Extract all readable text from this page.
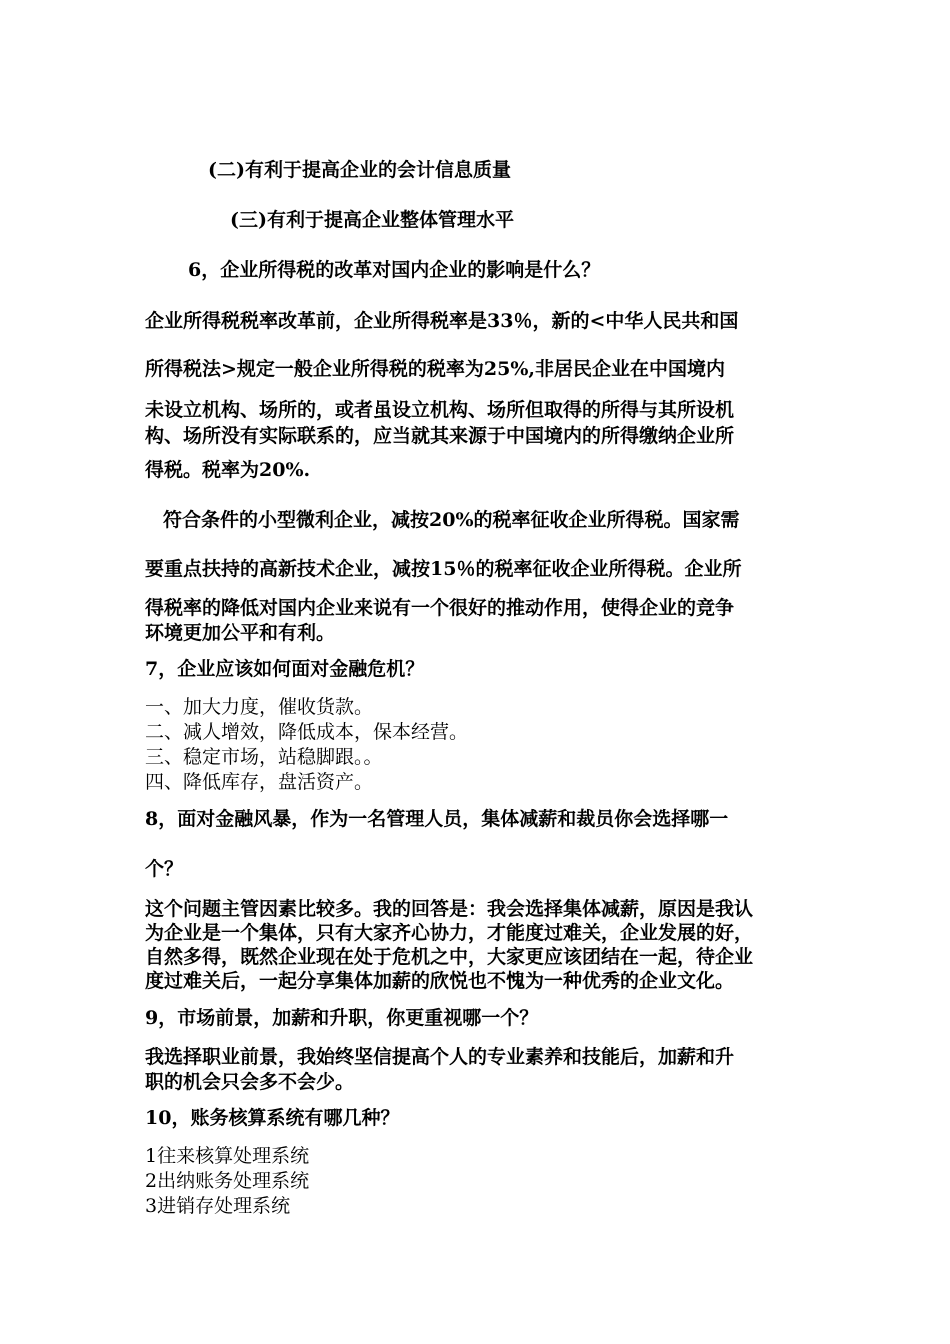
(二)有利于提高企业的会计信息质量
(三)有利于提高企业整体管理水平
6，企业所得税的改革对国内企业的影响是什么？
企业所得税税率改革前，企业所得税率是33％，新的<中华人民共和国
所得税法>规定一般企业所得税的税率为25%,非居民企业在中国境内
未设立机构、场所的，或者虽设立机构、场所但取得的所得与其所设机
构、场所没有实际联系的，应当就其来源于中国境内的所得缴纳企业所
得税。税率为20%.
符合条件的小型微利企业，减按20%的税率征收企业所得税。国家需
要重点扶持的高新技术企业，减按15％的税率征收企业所得税。企业所
得税率的降低对国内企业来说有一个很好的推动作用，使得企业的竞争
环境更加公平和有利。
7，企业应该如何面对金融危机？
一、加大力度，催收货款。
二、减人增效，降低成本，保本经营。
三、稳定市场，站稳脚跟。。
四、降低库存，盘活资产。
8，面对金融风暴，作为一名管理人员，集体减薪和裁员你会选择哪一
个？
这个问题主管因素比较多。我的回答是：我会选择集体减薪，原因是我认
为企业是一个集体，只有大家齐心协力，才能度过难关，企业发展的好，
自然多得，既然企业现在处于危机之中，大家更应该团结在一起，待企业
度过难关后，一起分享集体加薪的欣悦也不愧为一种优秀的企业文化。
9，市场前景，加薪和升职，你更重视哪一个？
我选择职业前景，我始终坚信提高个人的专业素养和技能后，加薪和升
职的机会只会多不会少。
10，账务核算系统有哪几种？
1往来核算处理系统
2出纳账务处理系统
3进销存处理系统
